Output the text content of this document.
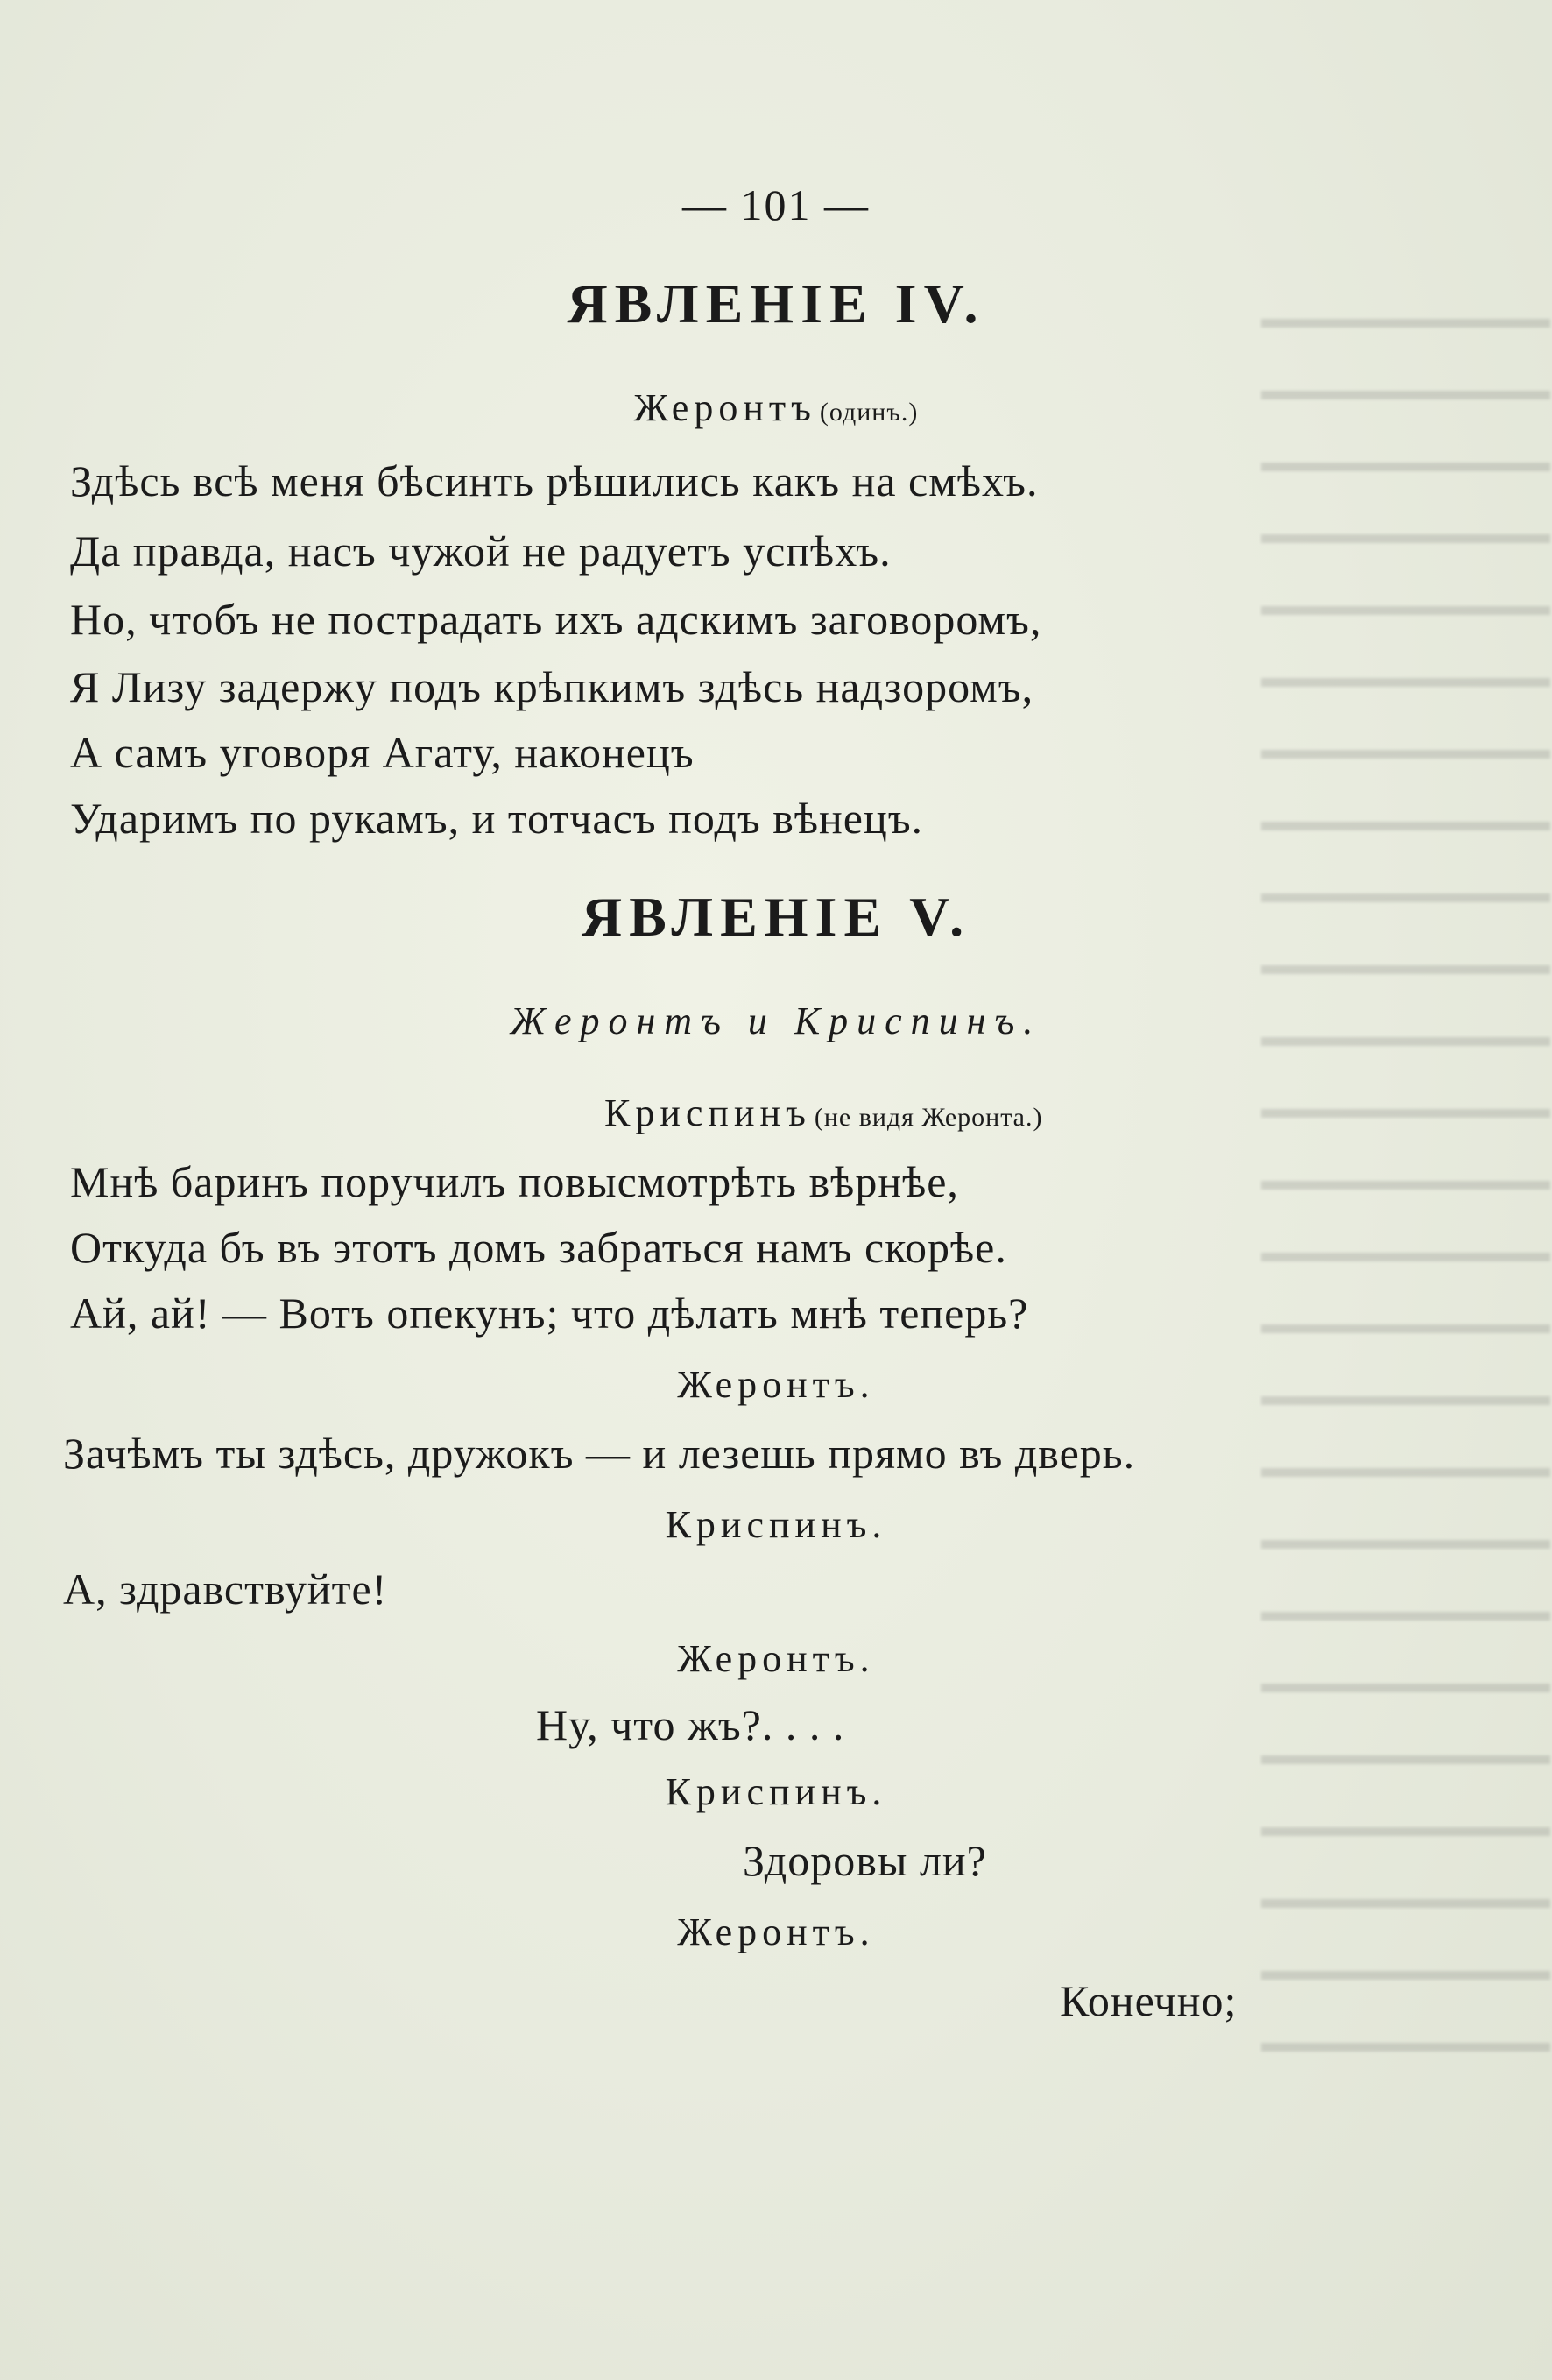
— 101 —
ЯВЛЕНІЕ IV.
Жеронтъ (одинъ.)
Здѣсь всѣ меня бѣсинть рѣшились какъ на смѣхъ.
Да правда, насъ чужой не радуетъ успѣхъ.
Но, чтобъ не пострадать ихъ адскимъ заговоромъ,
Я Лизу задержу подъ крѣпкимъ здѣсь надзоромъ,
А самъ уговоря Агату, наконецъ
Ударимъ по рукамъ, и тотчасъ подъ вѣнецъ.
ЯВЛЕНІЕ V.
Жеронтъ и Криспинъ.
Криспинъ (не видя Жеронта.)
Мнѣ баринъ поручилъ повысмотрѣть вѣрнѣе,
Откуда бъ въ этотъ домъ забраться намъ скорѣе.
Ай, ай! — Вотъ опекунъ; что дѣлать мнѣ теперь?
Жеронтъ.
Зачѣмъ ты здѣсь, дружокъ — и лезешь прямо въ дверь.
Криспинъ.
А, здравствуйте!
Жеронтъ.
Ну, что жъ?. . . .
Криспинъ.
Здоровы ли?
Жеронтъ.
Конечно;
